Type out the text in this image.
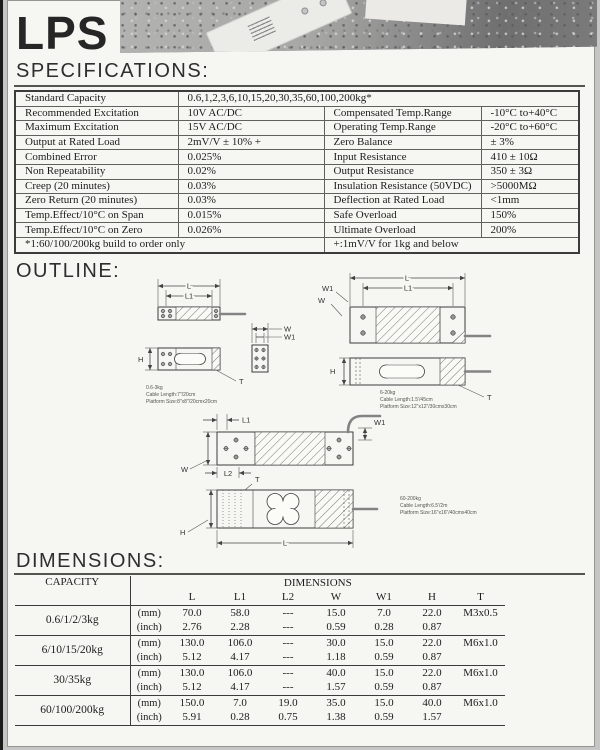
LPS
SPECIFICATIONS:
Standard Capacity	0.6,1,2,3,6,10,15,20,30,35,60,100,200kg*		
Recommended Excitation	10V AC/DC	Compensated Temp.Range	-10°C to+40°C
Maximum Excitation	15V AC/DC	Operating Temp.Range	-20°C to+60°C
Output at Rated Load	2mV/V ± 10% +	Zero Balance	± 3%
Combined Error	0.025%	Input Resistance	410 ± 10Ω
Non Repeatability	0.02%	Output Resistance	350 ± 3Ω
Creep (20 minutes)	0.03%	Insulation Resistance (50VDC)	>5000MΩ
Zero Return (20 minutes)	0.03%	Deflection at Rated Load	<1mm
Temp.Effect/10°C on Span	0.015%	Safe Overload	150%
Temp.Effect/10°C on Zero	0.026%	Ultimate Overload	200%
*1:60/100/200kg build to order only		+:1mV/V for 1kg and below	
OUTLINE:
L
L1
H
T
W
W1
0.6-3kg
Cable Length:7"/20cm
Platform Size:8"x8"/20cmx20cm
L
L1
W1
W
H
T
6-20kg
Cable Length:1.5'/45cm
Platform Size:12"x12"/30cmx30cm
L1	W1
W	L2
T
H
L
60-200kg
Cable Length:6.5'/2m
Platform Size:16"x16"/40cmx40cm
DIMENSIONS:
CAPACITY	DIMENSIONS							
		L	L1	L2	W	W1	H	T
0.6/1/2/3kg	(mm)	70.0	58.0	---	15.0	7.0	22.0	M3x0.5
	(inch)	2.76	2.28	---	0.59	0.28	0.87	
6/10/15/20kg	(mm)	130.0	106.0	---	30.0	15.0	22.0	M6x1.0
	(inch)	5.12	4.17	---	1.18	0.59	0.87	
30/35kg	(mm)	130.0	106.0	---	40.0	15.0	22.0	M6x1.0
	(inch)	5.12	4.17	---	1.57	0.59	0.87	
60/100/200kg	(mm)	150.0	7.0	19.0	35.0	15.0	40.0	M6x1.0
	(inch)	5.91	0.28	0.75	1.38	0.59	1.57	
